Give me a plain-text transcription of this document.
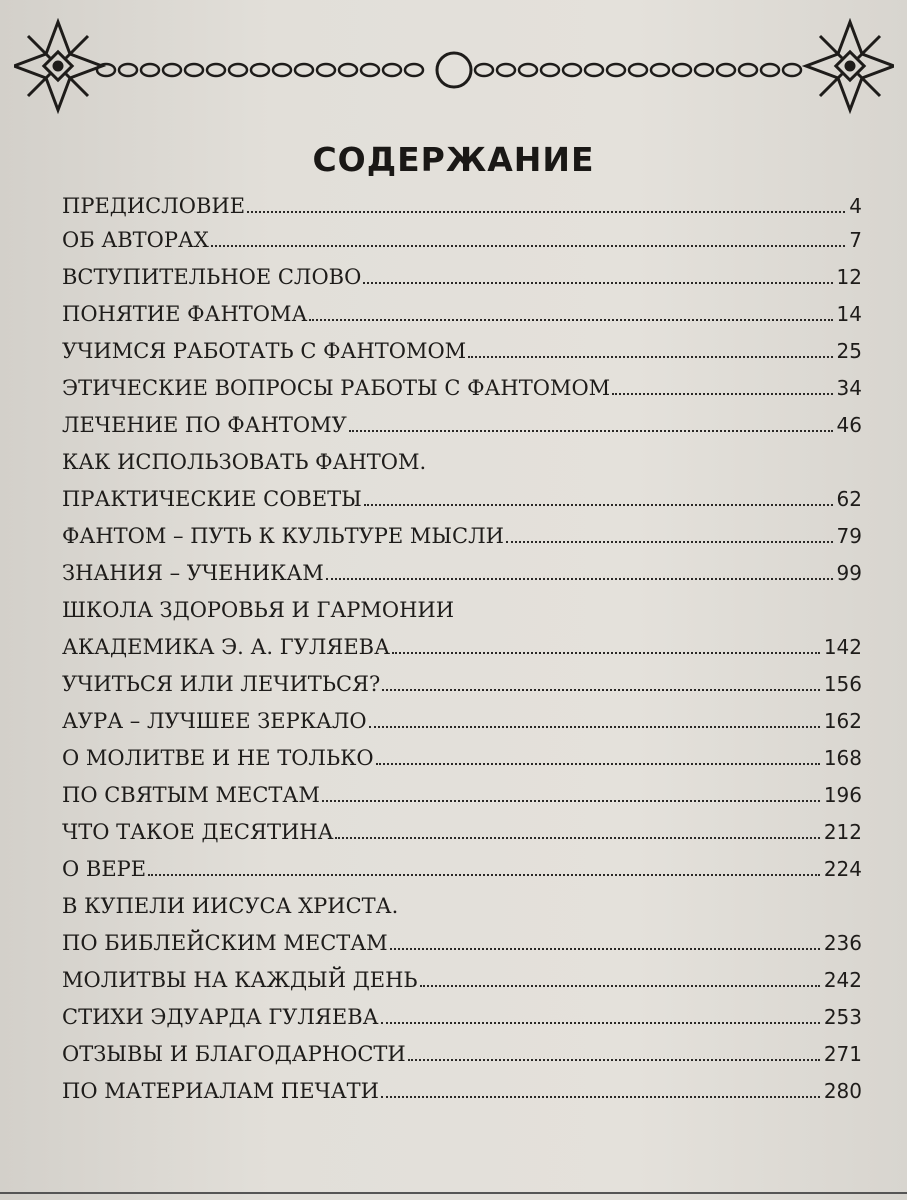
СОДЕРЖАНИЕ
ПРЕДИСЛОВИЕ	4
ОБ АВТОРАХ	7
ВСТУПИТЕЛЬНОЕ СЛОВО	12
ПОНЯТИЕ ФАНТОМА	14
УЧИМСЯ РАБОТАТЬ С ФАНТОМОМ	25
ЭТИЧЕСКИЕ ВОПРОСЫ РАБОТЫ С ФАНТОМОМ	34
ЛЕЧЕНИЕ ПО ФАНТОМУ	46
КАК ИСПОЛЬЗОВАТЬ ФАНТОМ.
ПРАКТИЧЕСКИЕ СОВЕТЫ	62
ФАНТОМ – ПУТЬ К КУЛЬТУРЕ МЫСЛИ	79
ЗНАНИЯ – УЧЕНИКАМ	99
ШКОЛА ЗДОРОВЬЯ И ГАРМОНИИ
АКАДЕМИКА Э. А. ГУЛЯЕВА	142
УЧИТЬСЯ ИЛИ ЛЕЧИТЬСЯ?	156
АУРА – ЛУЧШЕЕ ЗЕРКАЛО	162
О МОЛИТВЕ И НЕ ТОЛЬКО	168
ПО СВЯТЫМ МЕСТАМ	196
ЧТО ТАКОЕ ДЕСЯТИНА	212
О ВЕРЕ	224
В КУПЕЛИ ИИСУСА ХРИСТА.
ПО БИБЛЕЙСКИМ МЕСТАМ	236
МОЛИТВЫ НА КАЖДЫЙ ДЕНЬ	242
СТИХИ ЭДУАРДА ГУЛЯЕВА	253
ОТЗЫВЫ И БЛАГОДАРНОСТИ	271
ПО МАТЕРИАЛАМ ПЕЧАТИ	280
